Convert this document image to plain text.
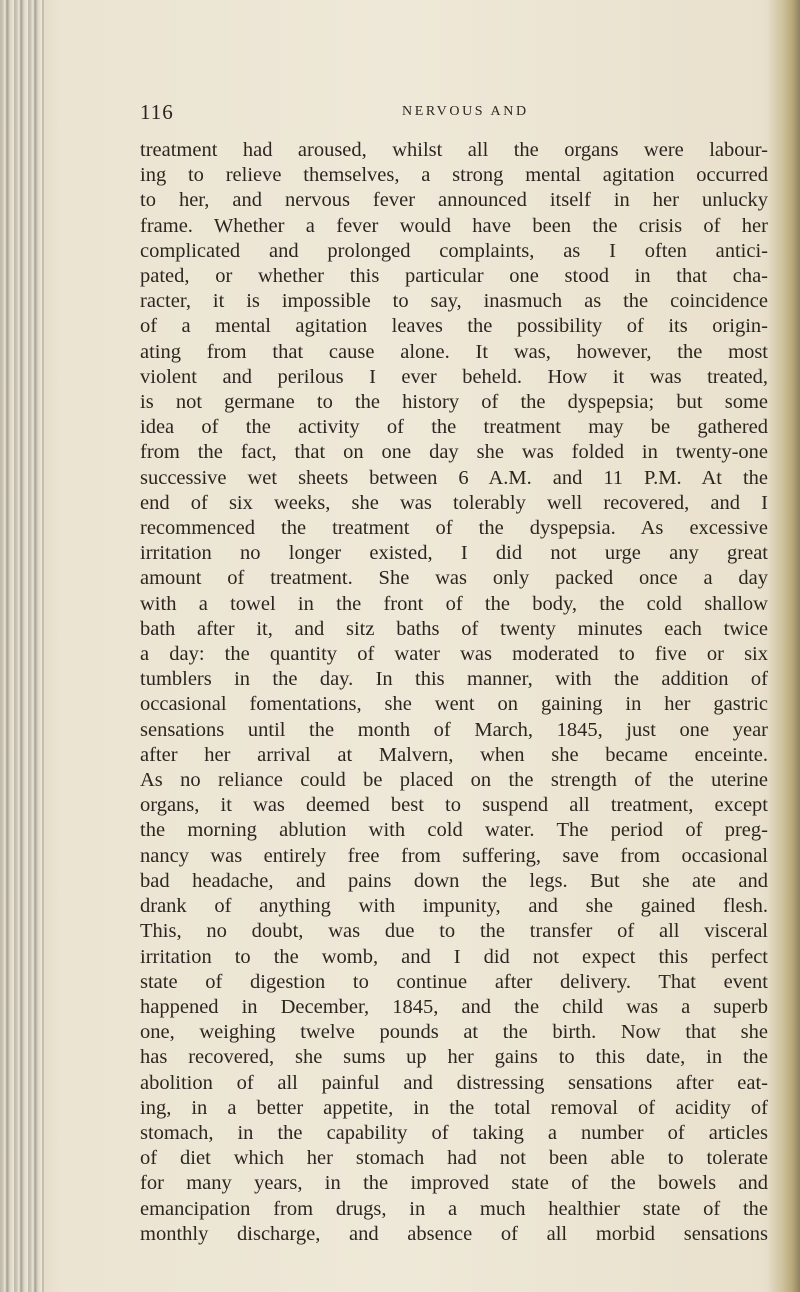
116	NERVOUS AND
treatment had aroused, whilst all the organs were labour-
ing to relieve themselves, a strong mental agitation occurred
to her, and nervous fever announced itself in her unlucky
frame. Whether a fever would have been the crisis of her
complicated and prolonged complaints, as I often antici-
pated, or whether this particular one stood in that cha-
racter, it is impossible to say, inasmuch as the coincidence
of a mental agitation leaves the possibility of its origin-
ating from that cause alone. It was, however, the most
violent and perilous I ever beheld. How it was treated,
is not germane to the history of the dyspepsia; but some
idea of the activity of the treatment may be gathered
from the fact, that on one day she was folded in twenty-one
successive wet sheets between 6 A.M. and 11 P.M. At the
end of six weeks, she was tolerably well recovered, and I
recommenced the treatment of the dyspepsia. As excessive
irritation no longer existed, I did not urge any great
amount of treatment. She was only packed once a day
with a towel in the front of the body, the cold shallow
bath after it, and sitz baths of twenty minutes each twice
a day: the quantity of water was moderated to five or six
tumblers in the day. In this manner, with the addition of
occasional fomentations, she went on gaining in her gastric
sensations until the month of March, 1845, just one year
after her arrival at Malvern, when she became enceinte.
As no reliance could be placed on the strength of the uterine
organs, it was deemed best to suspend all treatment, except
the morning ablution with cold water. The period of preg-
nancy was entirely free from suffering, save from occasional
bad headache, and pains down the legs. But she ate and
drank of anything with impunity, and she gained flesh.
This, no doubt, was due to the transfer of all visceral
irritation to the womb, and I did not expect this perfect
state of digestion to continue after delivery. That event
happened in December, 1845, and the child was a superb
one, weighing twelve pounds at the birth. Now that she
has recovered, she sums up her gains to this date, in the
abolition of all painful and distressing sensations after eat-
ing, in a better appetite, in the total removal of acidity of
stomach, in the capability of taking a number of articles
of diet which her stomach had not been able to tolerate
for many years, in the improved state of the bowels and
emancipation from drugs, in a much healthier state of the
monthly discharge, and absence of all morbid sensations
